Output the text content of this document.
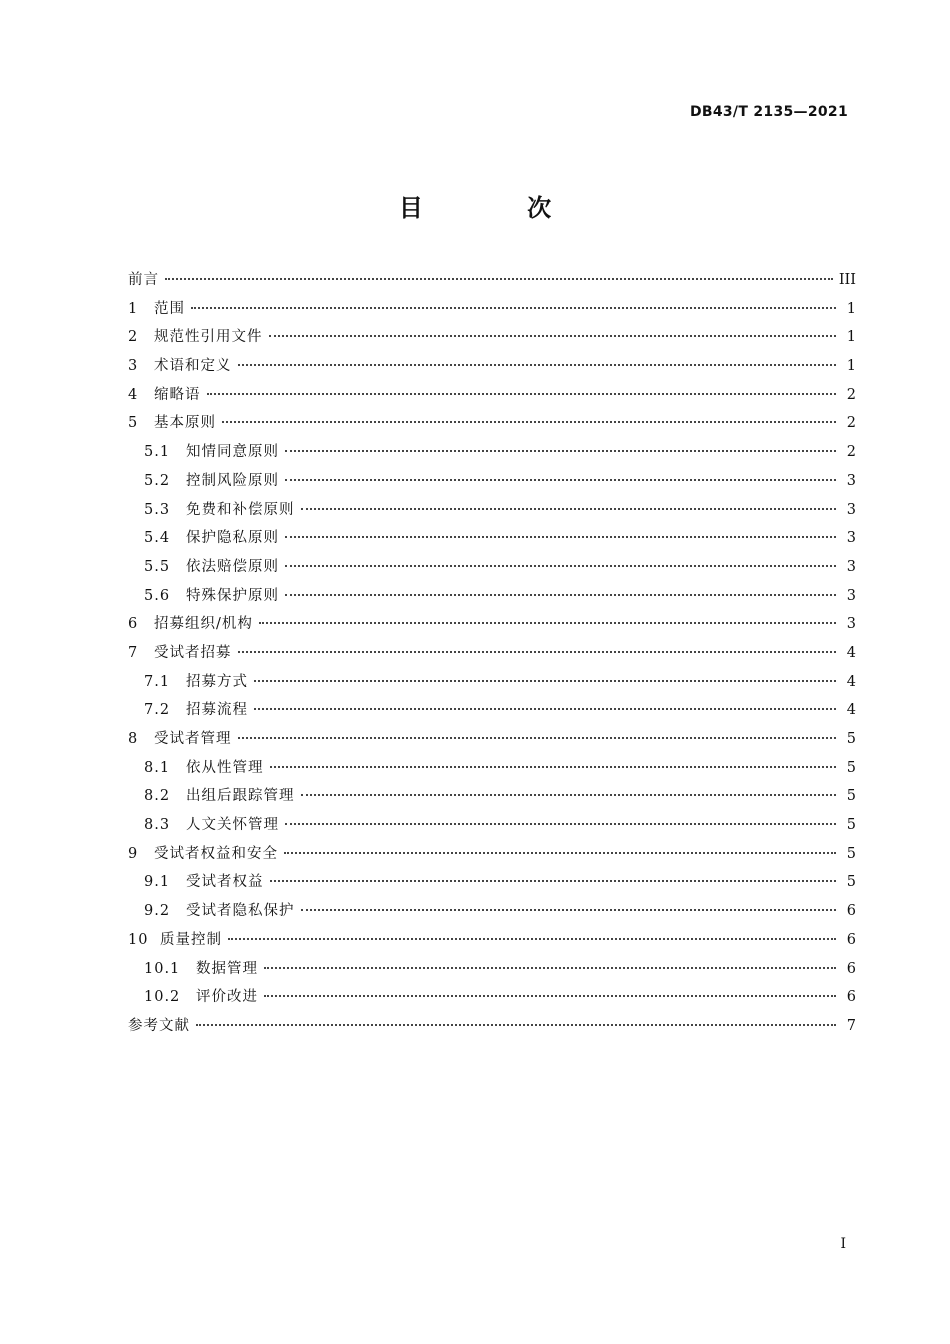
DB43/T 2135—2021
目 次
前言	III
1	范围	1
2	规范性引用文件	1
3	术语和定义	1
4	缩略语	2
5	基本原则	2
5.1	知情同意原则	2
5.2	控制风险原则	3
5.3	免费和补偿原则	3
5.4	保护隐私原则	3
5.5	依法赔偿原则	3
5.6	特殊保护原则	3
6	招募组织/机构	3
7	受试者招募	4
7.1	招募方式	4
7.2	招募流程	4
8	受试者管理	5
8.1	依从性管理	5
8.2	出组后跟踪管理	5
8.3	人文关怀管理	5
9	受试者权益和安全	5
9.1	受试者权益	5
9.2	受试者隐私保护	6
10 质量控制	6
10.1	数据管理	6
10.2	评价改进	6
参考文献	7
I
